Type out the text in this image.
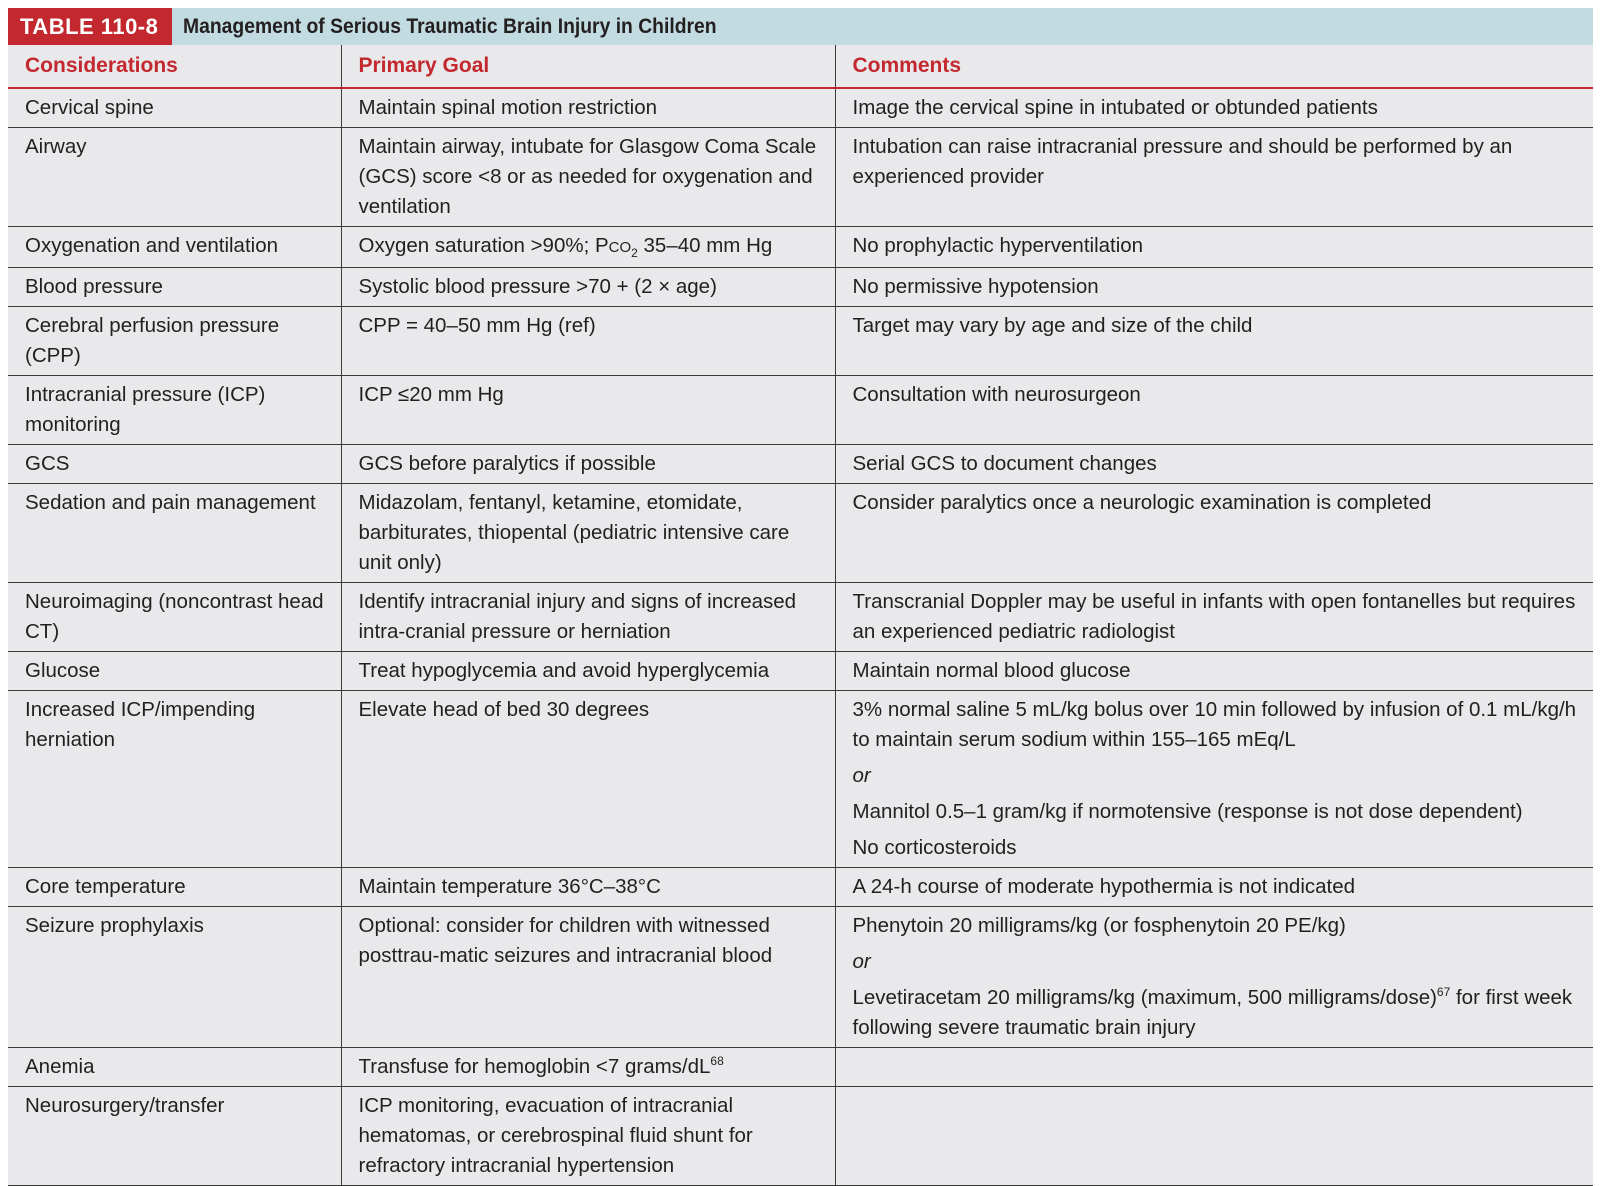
TABLE 110-8	Management of Serious Traumatic Brain Injury in Children
Considerations	Primary Goal	Comments
Cervical spine	Maintain spinal motion restriction	Image the cervical spine in intubated or obtunded patients

Airway	Maintain airway, intubate for Glasgow Coma Scale (GCS) score <8 or as needed for oxygenation and ventilation	Intubation can raise intracranial pressure and should be performed by an experienced provider

Oxygenation and ventilation	Oxygen saturation >90%; $PCO_2$ 35–40 mm Hg	No prophylactic hyperventilation

Blood pressure	Systolic blood pressure >70 + (2 × age)	No permissive hypotension

Cerebral perfusion pressure (CPP)	CPP = 40–50 mm Hg (ref)	Target may vary by age and size of the child

Intracranial pressure (ICP) monitoring	ICP ≤20 mm Hg	Consultation with neurosurgeon

GCS	GCS before paralytics if possible	Serial GCS to document changes

Sedation and pain management	Midazolam, fentanyl, ketamine, etomidate, barbiturates, thiopental (pediatric intensive care unit only)	Consider paralytics once a neurologic examination is completed

Neuroimaging (noncontrast head CT)	Identify intracranial injury and signs of increased intra-cranial pressure or herniation	Transcranial Doppler may be useful in infants with open fontanelles but requires an experienced pediatric radiologist

Glucose	Treat hypoglycemia and avoid hyperglycemia	Maintain normal blood glucose

Increased ICP/impending herniation	Elevate head of bed 30 degrees	3% normal saline 5 mL/kg bolus over 10 min followed by infusion of 0.1 mL/kg/h to maintain serum sodium within 155–165 mEq/L
or
Mannitol 0.5–1 gram/kg if normotensive (response is not dose dependent)
No corticosteroids

Core temperature	Maintain temperature 36°C–38°C	A 24-h course of moderate hypothermia is not indicated

Seizure prophylaxis	Optional: consider for children with witnessed posttrau-matic seizures and intracranial blood	Phenytoin 20 milligrams/kg (or fosphenytoin 20 PE/kg)
or
Levetiracetam 20 milligrams/kg (maximum, 500 milligrams/dose)$^{67}$ for first week following severe traumatic brain injury

Anemia	Transfuse for hemoglobin <7 grams/$dL^{68}$

Neurosurgery/transfer	ICP monitoring, evacuation of intracranial hematomas, or cerebrospinal fluid shunt for refractory intracranial hypertension	
